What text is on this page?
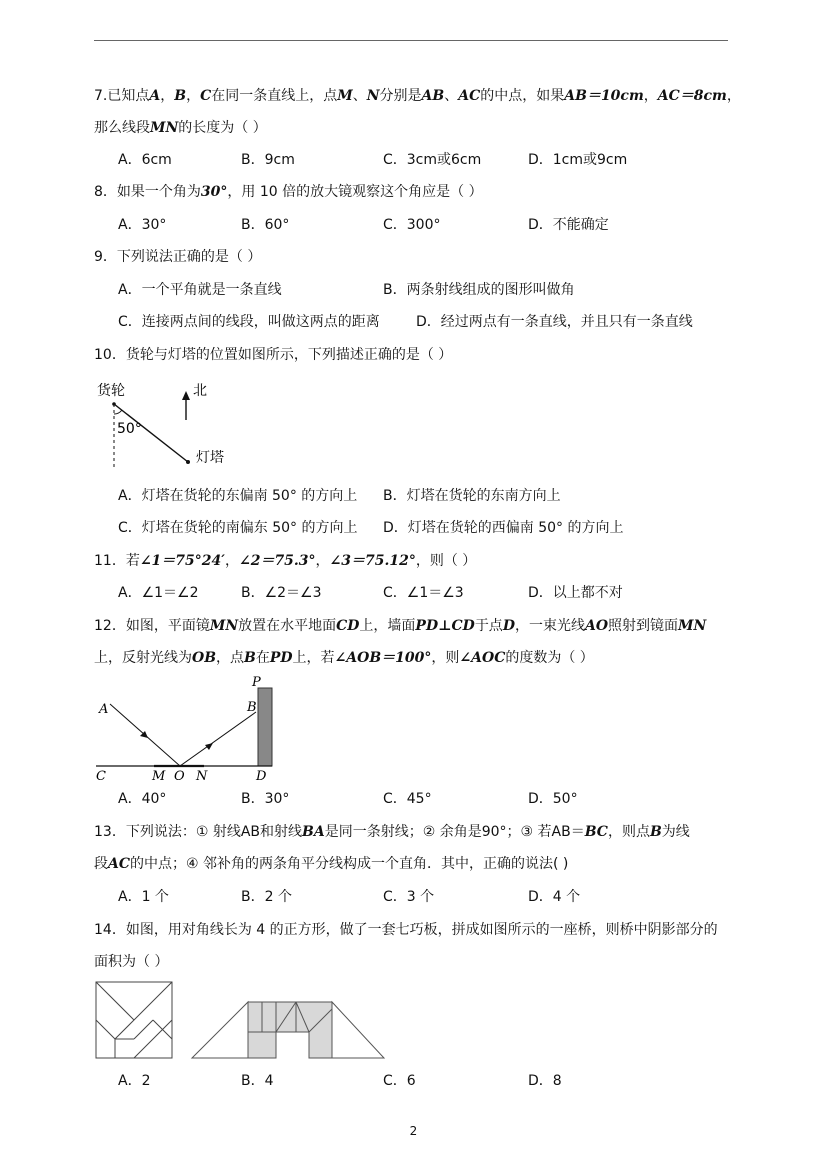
7.已知点A，B，C在同一条直线上，点M、N分别是AB、AC的中点，如果AB＝10cm，AC＝8cm，
那么线段MN的长度为（ ）
A．6cm	B．9cm	C．3cm或6cm	D．1cm或9cm
8．如果一个角为30°，用 10 倍的放大镜观察这个角应是（ ）
A．30°	B．60°	C．300°	D．不能确定
9．下列说法正确的是（ ）
A．一个平角就是一条直线	B．两条射线组成的图形叫做角
C．连接两点间的线段，叫做这两点的距离	D．经过两点有一条直线，并且只有一条直线
10．货轮与灯塔的位置如图所示，下列描述正确的是（ ）
货轮
50°
北
灯塔
A．灯塔在货轮的东偏南 50° 的方向上 B．灯塔在货轮的东南方向上
C．灯塔在货轮的南偏东 50° 的方向上 D．灯塔在货轮的西偏南 50° 的方向上
11．若∠1＝75°24′，∠2＝75.3°，∠3＝75.12°，则（ ）
A．∠1＝∠2	B．∠2＝∠3	C．∠1＝∠3	D．以上都不对
12．如图，平面镜MN放置在水平地面CD上，墙面PD⊥CD于点D，一束光线AO照射到镜面MN
上，反射光线为OB，点B在PD上，若∠AOB＝100°，则∠AOC的度数为（ ）
A	B
P
C	M O N	D
A．40°	B．30°	C．45°	D．50°
13．下列说法：① 射线AB和射线BA是同一条射线；② 余角是90°；③ 若AB＝BC，则点B为线
段AC的中点；④ 邻补角的两条角平分线构成一个直角．其中，正确的说法( )
A．1 个	B．2 个	C．3 个	D．4 个
14．如图，用对角线长为 4 的正方形，做了一套七巧板，拼成如图所示的一座桥，则桥中阴影部分的
面积为（ ）
A．2	B．4	C．6	D．8
2
